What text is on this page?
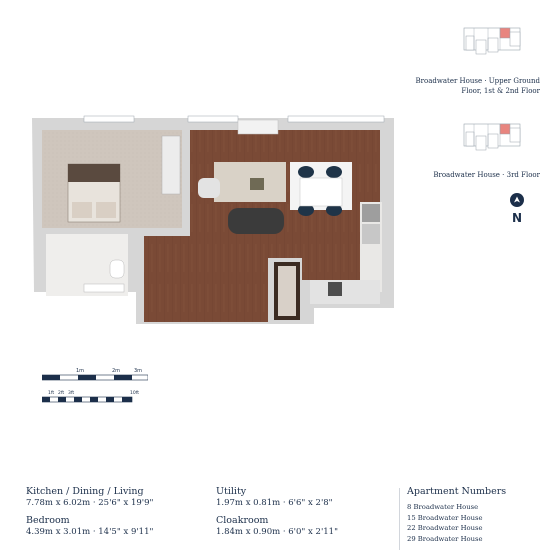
Broadwater House · Upper Ground
Floor, 1st & 2nd Floor
Broadwater House · 3rd Floor
N
1m	2m	3m
1ft 2ft 3ft	10ft
Kitchen / Dining / Living
7.78m x 6.02m · 25'6" x 19'9"
Bedroom
4.39m x 3.01m · 14'5" x 9'11"
Utility
1.97m x 0.81m · 6'6" x 2'8"
Cloakroom
1.84m x 0.90m · 6'0" x 2'11"
Apartment Numbers
8 Broadwater House
15 Broadwater House
22 Broadwater House
29 Broadwater House
